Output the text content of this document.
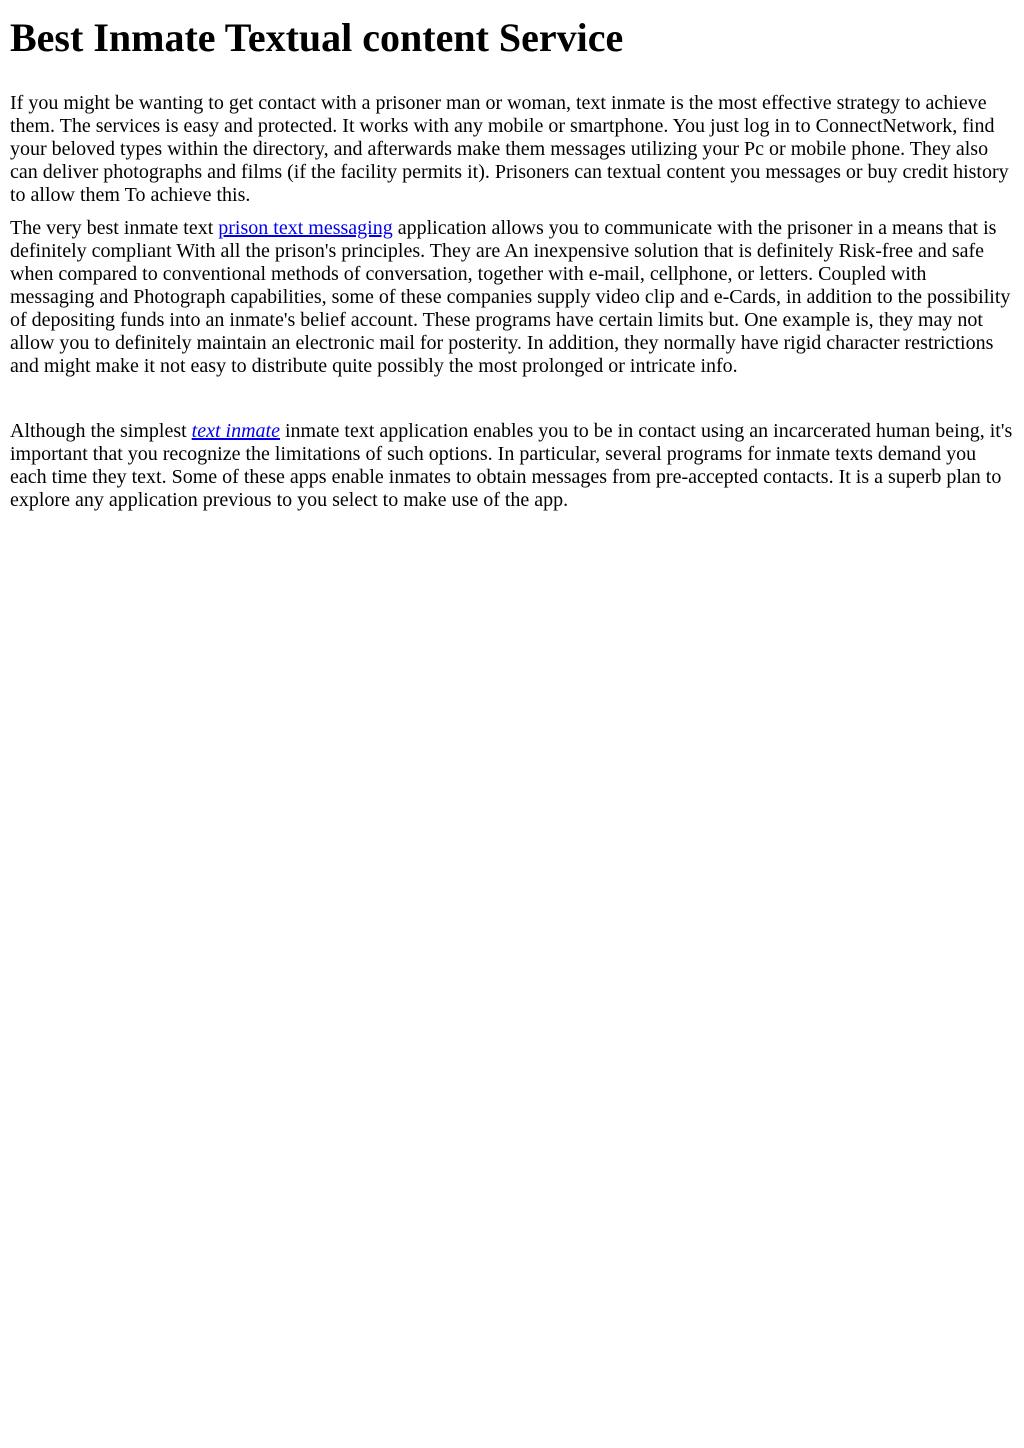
Best Inmate Textual content Service

If you might be wanting to get contact with a prisoner man or woman, text inmate is the most effective strategy to achieve them. The services is easy and protected. It works with any mobile or smartphone. You just log in to ConnectNetwork, find your beloved types within the directory, and afterwards make them messages utilizing your Pc or mobile phone. They also can deliver photographs and films (if the facility permits it). Prisoners can textual content you messages or buy credit history to allow them To achieve this.

The very best inmate text prison text messaging application allows you to communicate with the prisoner in a means that is definitely compliant With all the prison's principles. They are An inexpensive solution that is definitely Risk-free and safe when compared to conventional methods of conversation, together with e-mail, cellphone, or letters. Coupled with messaging and Photograph capabilities, some of these companies supply video clip and e-Cards, in addition to the possibility of depositing funds into an inmate's belief account. These programs have certain limits but. One example is, they may not allow you to definitely maintain an electronic mail for posterity. In addition, they normally have rigid character restrictions and might make it not easy to distribute quite possibly the most prolonged or intricate info.

Although the simplest text inmate inmate text application enables you to be in contact using an incarcerated human being, it's important that you recognize the limitations of such options. In particular, several programs for inmate texts demand you each time they text. Some of these apps enable inmates to obtain messages from pre-accepted contacts. It is a superb plan to explore any application previous to you select to make use of the app.
